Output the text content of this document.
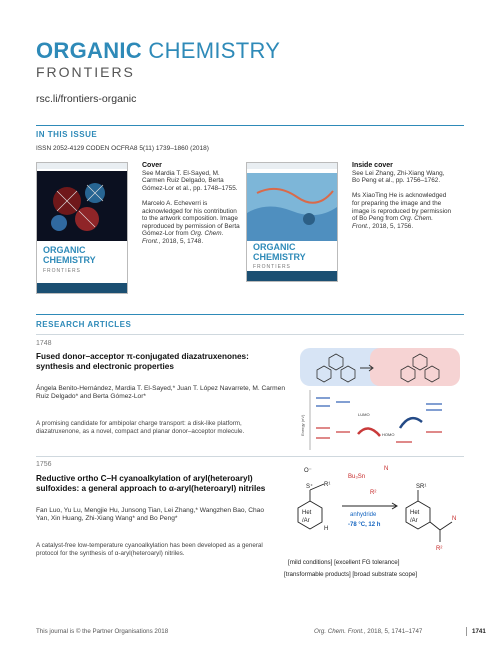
ORGANIC CHEMISTRY
FRONTIERS
rsc.li/frontiers-organic
IN THIS ISSUE
ISSN 2052-4129 CODEN OCFRA8 5(11) 1739–1860 (2018)
ORGANIC
CHEMISTRY
FRONTIERS
Cover
See Mardia T. El-Sayed, M. Carmen Ruiz Delgado, Berta Gómez-Lor et al., pp. 1748–1755.

Marcelo A. Echeverri is acknowledged for his contribution to the artwork composition. Image reproduced by permission of Berta Gómez-Lor from Org. Chem. Front., 2018, 5, 1748.
ORGANIC
CHEMISTRY
FRONTIERS
Inside cover
See Lei Zhang, Zhi-Xiang Wang, Bo Peng et al., pp. 1756–1762.

Ms XiaoTing He is acknowledged for preparing the image and the image is reproduced by permission of Bo Peng from Org. Chem. Front., 2018, 5, 1756.
RESEARCH ARTICLES
1748
Fused donor–acceptor π-conjugated diazatruxenones: synthesis and electronic properties
Ángela Benito-Hernández, Mardia T. El-Sayed,* Juan T. López Navarrete, M. Carmen Ruiz Delgado* and Berta Gómez-Lor*
A promising candidate for ambipolar charge transport: a disk-like platform, diazatruxenone, as a novel, compact and planar donor–acceptor molecule.	Energy (eV)
LUMO
HOMO
1756
Reductive ortho C–H cyanoalkylation of aryl(heteroaryl) sulfoxides: a general approach to α-aryl(heteroaryl) nitriles
Fan Luo, Yu Lu, Mengjie Hu, Junsong Tian, Lei Zhang,* Wangzhen Bao, Chao Yan, Xin Huang, Zhi-Xiang Wang* and Bo Peng*
A catalyst-free low-temperature cyanoalkylation has been developed as a general protocol for the synthesis of α-aryl(heteroaryl) nitriles.
Het
/Ar
H
S⁺
O⁻
R¹
Bu₃Sn
N
R²
anhydride
-78 °C, 12 h
Het
/Ar
SR¹
N
R²
[mild conditions] [excellent FG tolerance]
[transformable products] [broad substrate scope]
This journal is © the Partner Organisations 2018	Org. Chem. Front., 2018, 5, 1741–1747	1741
